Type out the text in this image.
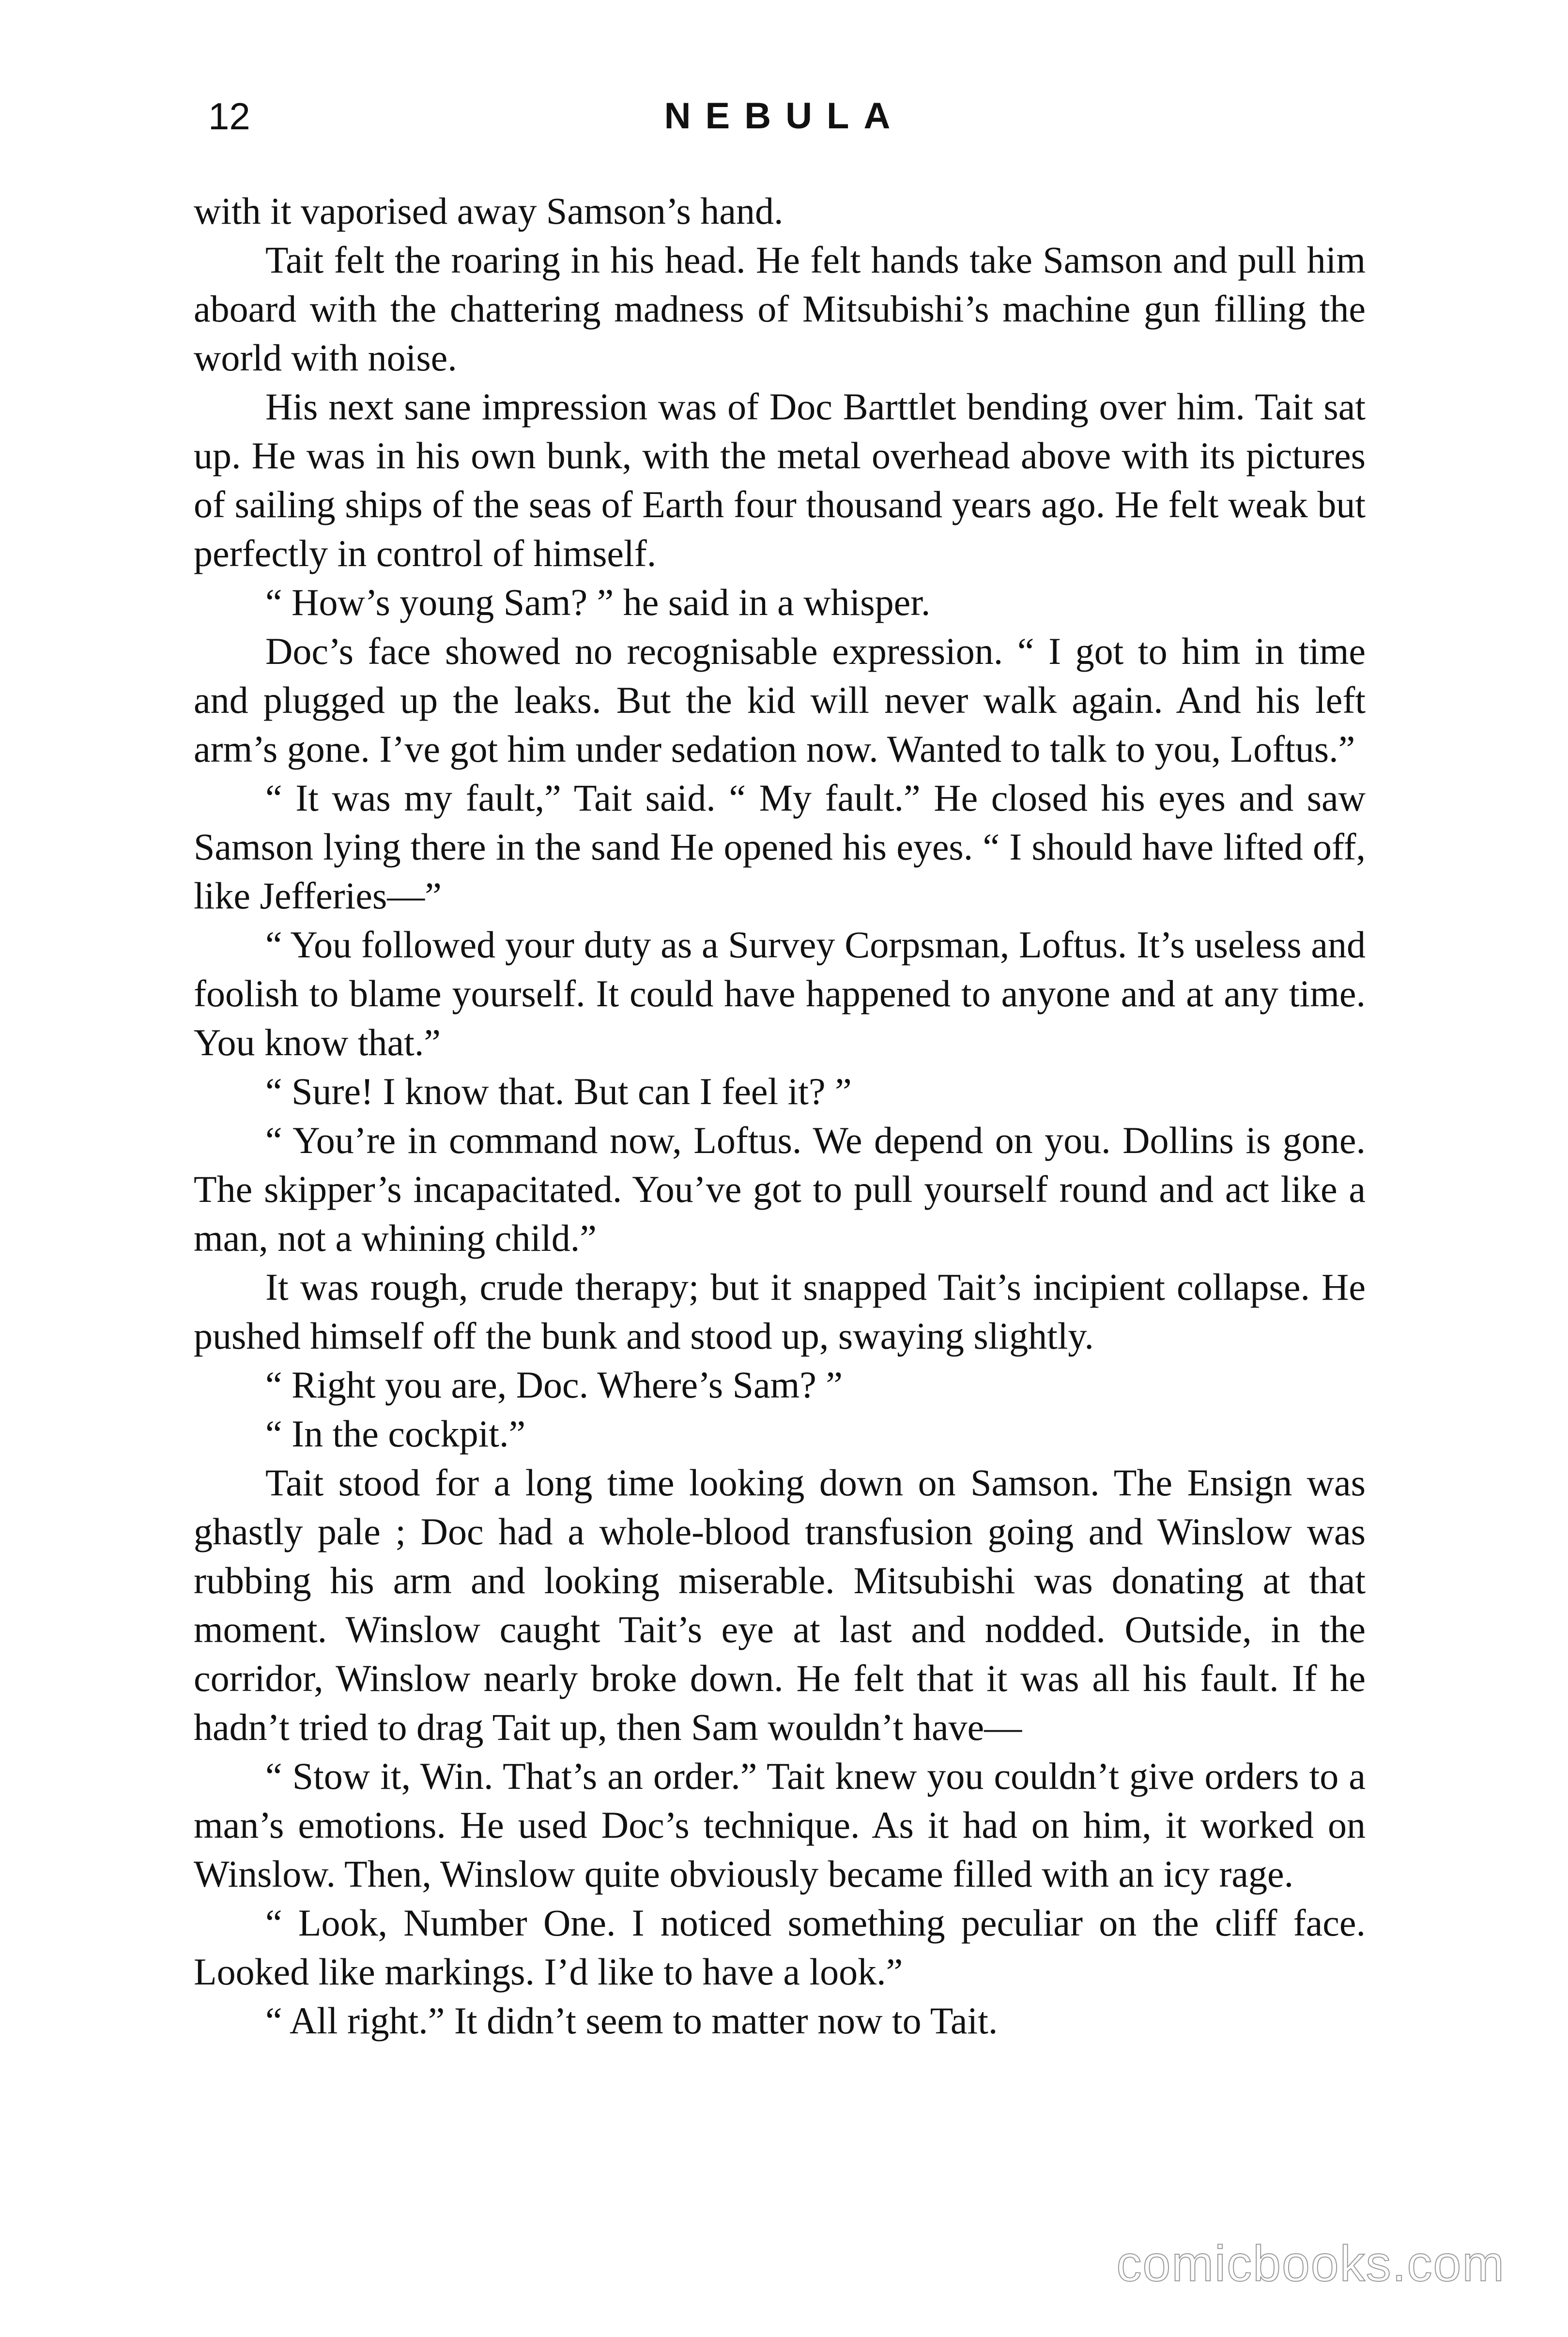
12	NEBULA

with it vaporised away Samson’s hand.

Tait felt the roaring in his head. He felt hands take Samson and pull him aboard with the chattering madness of Mitsubishi’s machine gun filling the world with noise.

His next sane impression was of Doc Barttlet bending over him. Tait sat up. He was in his own bunk, with the metal overhead above with its pictures of sailing ships of the seas of Earth four thousand years ago. He felt weak but perfectly in control of himself.

“ How’s young Sam? ” he said in a whisper.

Doc’s face showed no recognisable expression. “ I got to him in time and plugged up the leaks. But the kid will never walk again. And his left arm’s gone. I’ve got him under sedation now. Wanted to talk to you, Loftus.”

“ It was my fault,” Tait said. “ My fault.” He closed his eyes and saw Samson lying there in the sand He opened his eyes. “ I should have lifted off, like Jefferies—”

“ You followed your duty as a Survey Corpsman, Loftus. It’s useless and foolish to blame yourself. It could have happened to anyone and at any time. You know that.”

“ Sure! I know that. But can I feel it? ”

“ You’re in command now, Loftus. We depend on you. Dollins is gone. The skipper’s incapacitated. You’ve got to pull yourself round and act like a man, not a whining child.”

It was rough, crude therapy; but it snapped Tait’s incipient collapse. He pushed himself off the bunk and stood up, swaying slightly.

“ Right you are, Doc. Where’s Sam? ”

“ In the cockpit.”

Tait stood for a long time looking down on Samson. The Ensign was ghastly pale ; Doc had a whole-blood transfusion going and Winslow was rubbing his arm and looking miserable. Mitsubishi was donating at that moment. Winslow caught Tait’s eye at last and nodded. Outside, in the corridor, Winslow nearly broke down. He felt that it was all his fault. If he hadn’t tried to drag Tait up, then Sam wouldn’t have—

“ Stow it, Win. That’s an order.” Tait knew you couldn’t give orders to a man’s emotions. He used Doc’s technique. As it had on him, it worked on Winslow. Then, Winslow quite obviously became filled with an icy rage.

“ Look, Number One. I noticed something peculiar on the cliff face. Looked like markings. I’d like to have a look.”

“ All right.” It didn’t seem to matter now to Tait.

comicbooks.com
